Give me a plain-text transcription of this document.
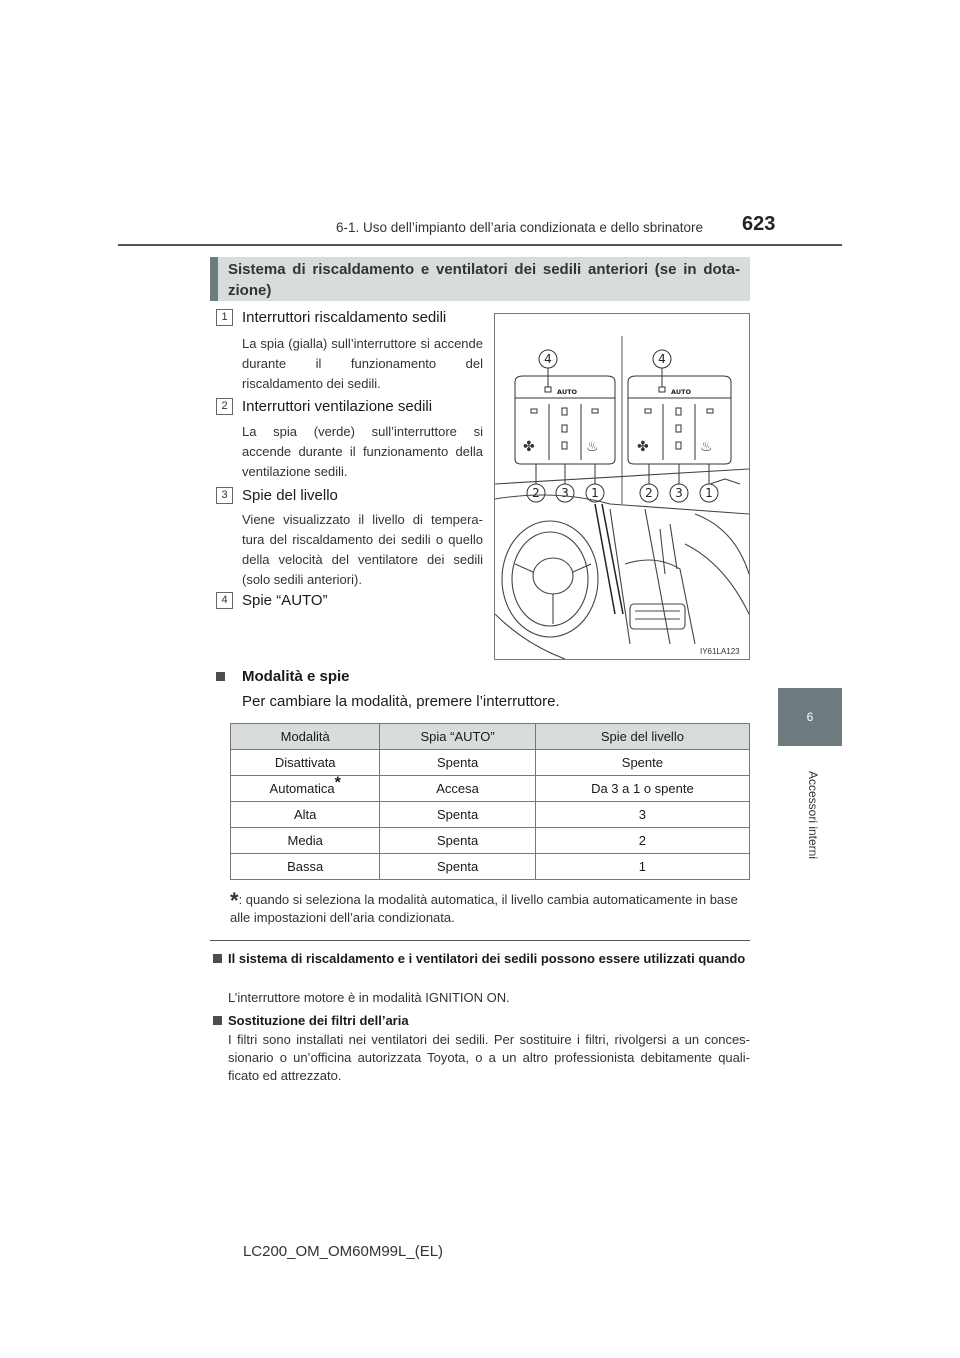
6-1. Uso dell’impianto dell’aria condizionata e dello sbrinatore 623
6
Accessori interni
Sistema di riscaldamento e ventilatori dei sedili anteriori (se in dota- zione)
1 Interruttori riscaldamento sedili
La spia (gialla) sull’interruttore si accende durante il funzionamento del riscaldamento dei sedili.
2 Interruttori ventilazione sedili
La spia (verde) sull’interruttore si accende durante il funzionamento della ventilazione sedili.
3 Spie del livello
Viene visualizzato il livello di tempera- tura del riscaldamento dei sedili o quello della velocità del ventilatore dei sedili (solo sedili anteriori).
4 Spie “AUTO”
✤	♨	✤	♨
AUTO	AUTO
4	4
2 3 1	2 3 1
IY61LA123
Modalità e spie
Per cambiare la modalità, premere l’interruttore.
Modalità	Spia “AUTO”	Spie del livello
Disattivata	Spenta	Spente
Automatica*	Accesa	Da 3 a 1 o spente
Alta	Spenta	3
Media	Spenta	2
Bassa	Spenta	1
*: quando si seleziona la modalità automatica, il livello cambia automaticamente in base alle impostazioni dell’aria condizionata.
Il sistema di riscaldamento e i ventilatori dei sedili possono essere utilizzati quando
L’interruttore motore è in modalità IGNITION ON.
Sostituzione dei filtri dell’aria
I filtri sono installati nei ventilatori dei sedili. Per sostituire i filtri, rivolgersi a un conces- sionario o un’officina autorizzata Toyota, o a un altro professionista debitamente quali- ficato ed attrezzato.
LC200_OM_OM60M99L_(EL)
